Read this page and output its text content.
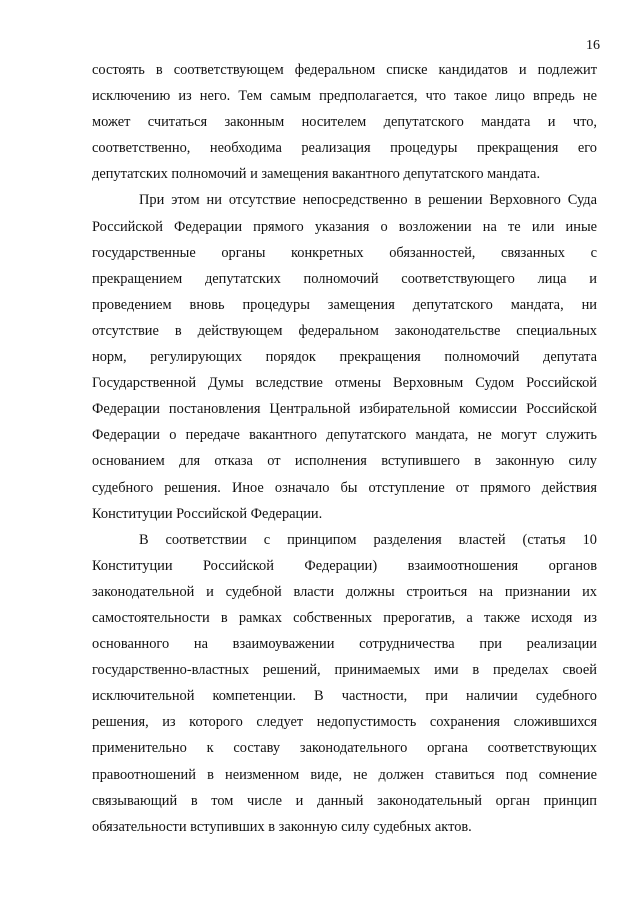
16
состоять в соответствующем федеральном списке кандидатов и подлежит
исключению из него. Тем самым предполагается, что такое лицо впредь не
может считаться законным носителем депутатского мандата и что,
соответственно, необходима реализация процедуры прекращения его
депутатских полномочий и замещения вакантного депутатского мандата.
При этом ни отсутствие непосредственно в решении Верховного Суда
Российской Федерации прямого указания о возложении на те или иные
государственные органы конкретных обязанностей, связанных с
прекращением депутатских полномочий соответствующего лица и
проведением вновь процедуры замещения депутатского мандата, ни
отсутствие в действующем федеральном законодательстве специальных
норм, регулирующих порядок прекращения полномочий депутата
Государственной Думы вследствие отмены Верховным Судом Российской
Федерации постановления Центральной избирательной комиссии Российской
Федерации о передаче вакантного депутатского мандата, не могут служить
основанием для отказа от исполнения вступившего в законную силу
судебного решения. Иное означало бы отступление от прямого действия
Конституции Российской Федерации.
В соответствии с принципом разделения властей (статья 10
Конституции Российской Федерации) взаимоотношения органов
законодательной и судебной власти должны строиться на признании их
самостоятельности в рамках собственных прерогатив, а также исходя из
основанного на взаимоуважении сотрудничества при реализации
государственно-властных решений, принимаемых ими в пределах своей
исключительной компетенции. В частности, при наличии судебного
решения, из которого следует недопустимость сохранения сложившихся
применительно к составу законодательного органа соответствующих
правоотношений в неизменном виде, не должен ставиться под сомнение
связывающий в том числе и данный законодательный орган принцип
обязательности вступивших в законную силу судебных актов.
